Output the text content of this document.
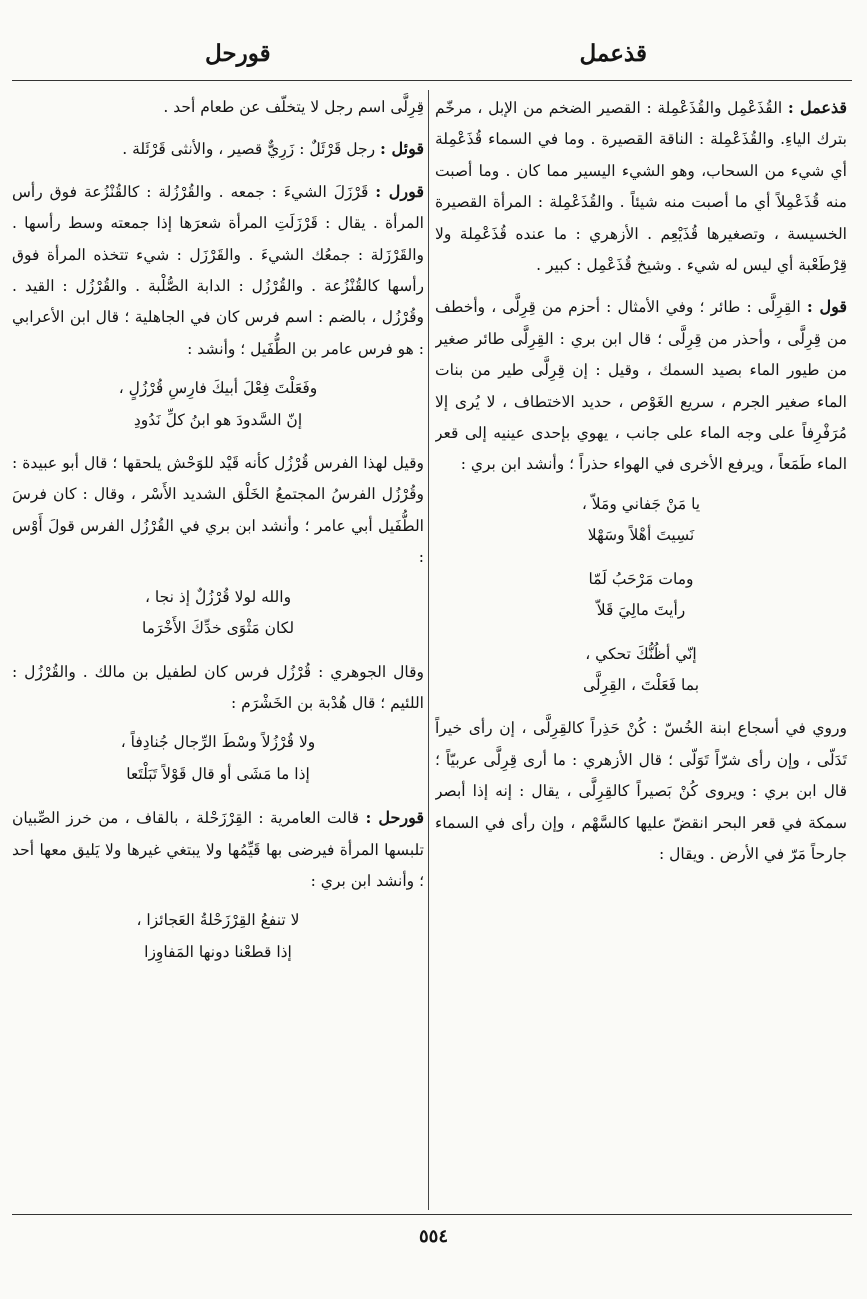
قذعمل
قورحل
قذعمل : القُذَعْمِل والقُذَعْمِلة : القصير الضخم من الإبل ، مرخّم بترك الياءِ. والقُذَعْمِلة : الناقة القصيرة . وما في السماء قُذَعْمِلة أي شيء من السحاب، وهو الشيء اليسير مما كان . وما أصبت منه قُذَعْمِلاً أي ما أصبت منه شيئاً . والقُذَعْمِلة : المرأة القصيرة الخسيسة ، وتصغيرها قُذَيْعِم . الأزهري : ما عنده قُذَعْمِلة ولا قِرْطَعْبة أي ليس له شيء . وشيخ قُذَعْمِل : كبير .
قول : القِرِلَّى : طائر ؛ وفي الأمثال : أحزم من قِرِلَّى ، وأخطف من قِرِلَّى ، وأحذر من قِرِلَّى ؛ قال ابن بري : القِرِلَّى طائر صغير من طيور الماء بصيد السمك ، وقيل : إن قِرِلَّى طير من بنات الماء صغير الجرم ، سريع الغَوْص ، حديد الاختطاف ، لا يُرى إلا مُرَفْرِفاً على وجه الماء على جانب ، يهوي بإحدى عينيه إلى قعر الماء طَمَعاً ، ويرفع الأخرى في الهواء حذراً ؛ وأنشد ابن بري :
يا مَنْ جَفاني ومَلاّ ،
نَسِيتَ أهْلاً وسَهْلا
ومات مَرْحَبُ لَمّا
رأيتَ مالِيَ قَلاّ
إنّي أظُنُّكَ تحكي ،
بما فَعَلْتَ ، القِرِلَّى
وروي في أسجاع ابنة الخُسّ : كُنْ حَذِراً كالقِرِلَّى ، إن رأى خيراً تَدَلّى ، وإن رأى شرّاً تَوَلّى ؛ قال الأزهري : ما أرى قِرِلَّى عربيّاً ؛ قال ابن بري : ويروى كُنْ بَصيراً كالقِرِلَّى ، يقال : إنه إذا أبصر سمكة في قعر البحر انقضّ عليها كالسَّهْم ، وإن رأى في السماء جارحاً مَرّ في الأرض . ويقال :
قِرِلَّى اسم رجل لا يتخلّف عن طعام أحد .
قوئل : رجل قَرْئَلٌ : زَرِيٌّ قصير ، والأنثى قَرْئَلة .
قورل : قَرْزَلَ الشيءَ : جمعه . والقُرْزُلة : كالقُنْزُعة فوق رأس المرأة . يقال : قَرْزَلَتِ المرأة شعرَها إذا جمعته وسط رأسها . والقَرْزَلة : جمعُك الشيءَ . والقَرْزَل : شيء تتخذه المرأة فوق رأسها كالقُنْزُعة . والقُرْزُل : الدابة الصُّلْبة . والقُرْزُل : القيد . وقُرْزُل ، بالضم : اسم فرس كان في الجاهلية ؛ قال ابن الأعرابي : هو فرس عامر بن الطُّفَيل ؛ وأنشد :
وفَعَلْتَ فِعْلَ أبيكَ فارِسِ قُرْزُلٍ ،
إنّ السَّدودَ هو ابنُ كلِّ نَدُودِ
وقيل لهذا الفرس قُرْزُل كأنه قَيْد للوَحْش يلحقها ؛ قال أبو عبيدة : وقُرْزُل الفرسُ المجتمعُ الخَلْق الشديد الأَسْر ، وقال : كان فرسَ الطُّفَيل أبي عامر ؛ وأنشد ابن بري في القُرْزُل الفرس قولَ أَوْس :
والله لولا قُرْزُلٌ إذ نجا ،
لكان مَثْوَى خدِّكَ الأَخْرَما
وقال الجوهري : قُرْزُل فرس كان لطفيل بن مالك . والقُرْزُل : اللئيم ؛ قال هُدْبة بن الخَشْرَم :
ولا قُرْزُلاً وسْطَ الرِّجال جُنادِفاً ،
إذا ما مَشَى أو قال قَوْلاً تَبَلْتَعا
قورحل : قالت العامرية : القِرْزَحْلة ، بالقاف ، من خرز الصِّبيان تلبسها المرأة فيرضى بها قَيِّمُها ولا يبتغي غيرها ولا يَليق معها أحد ؛ وأنشد ابن بري :
لا تنفعُ القِرْزَحْلةُ العَجائزا ،
إذا قطعْنا دونها المَفاوِزا
٥٥٤
